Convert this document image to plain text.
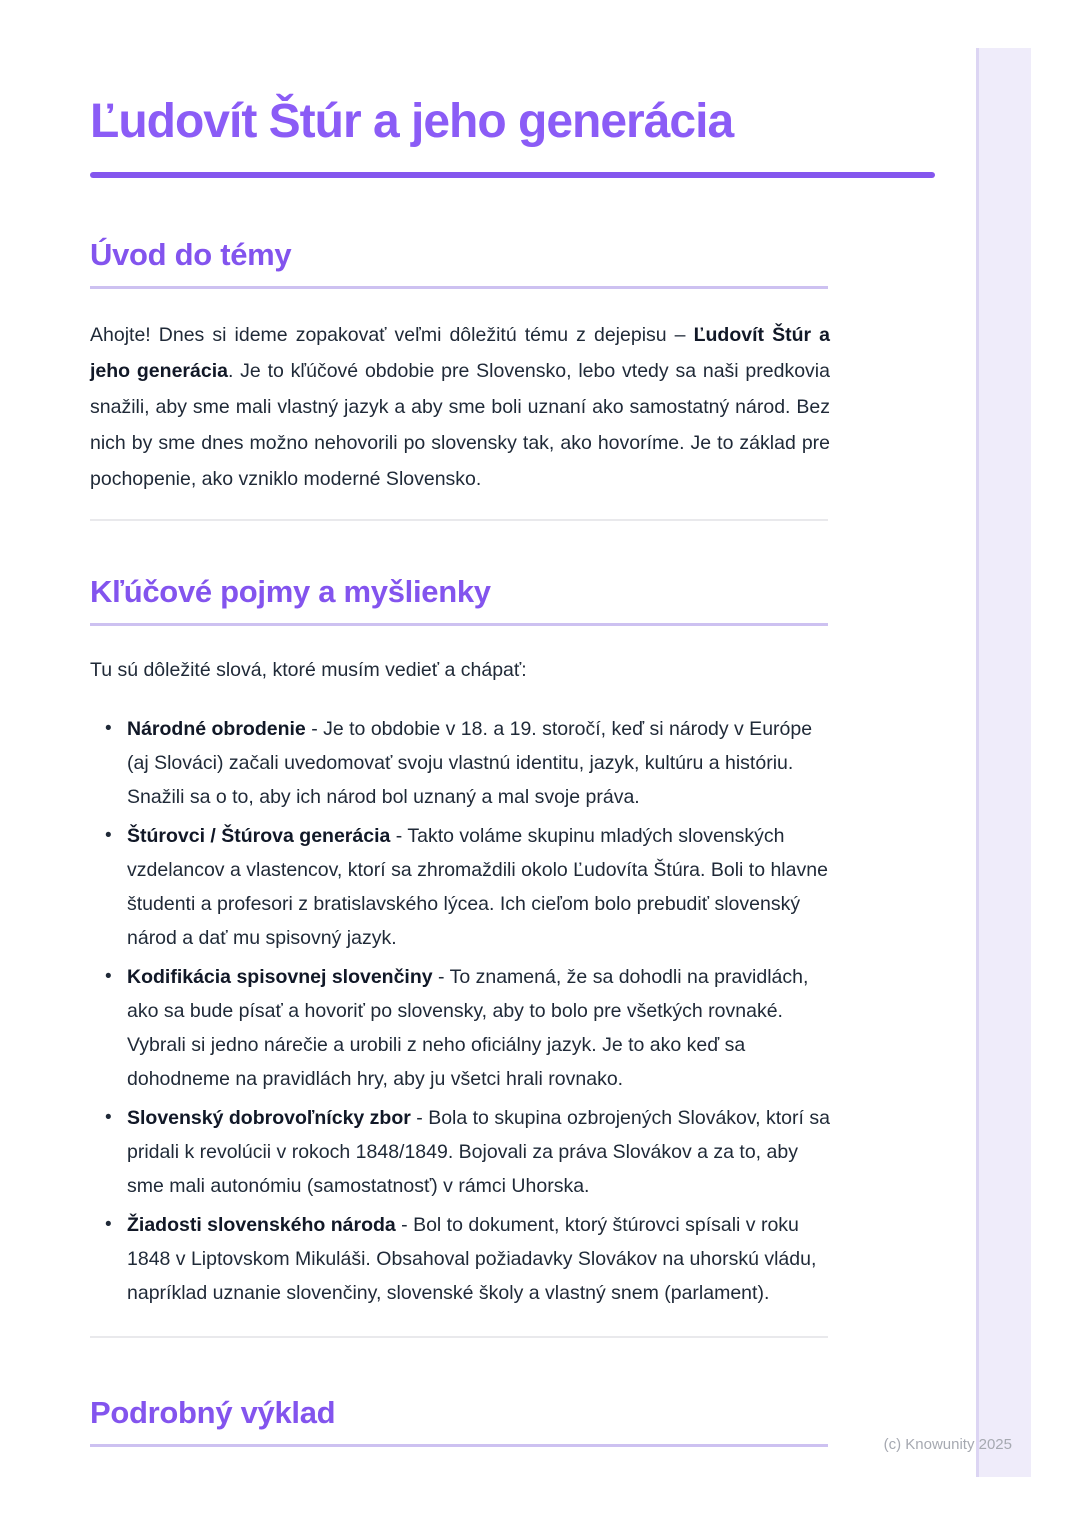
(c) Knowunity 2025
Ľudovít Štúr a jeho generácia
Úvod do témy

Ahojte! Dnes si ideme zopakovať veľmi dôležitú tému z dejepisu – Ľudovít Štúr a jeho generácia. Je to kľúčové obdobie pre Slovensko, lebo vtedy sa naši predkovia snažili, aby sme mali vlastný jazyk a aby sme boli uznaní ako samostatný národ. Bez nich by sme dnes možno nehovorili po slovensky tak, ako hovoríme. Je to základ pre pochopenie, ako vzniklo moderné Slovensko.

Kľúčové pojmy a myšlienky

Tu sú dôležité slová, ktoré musím vedieť a chápať:

• Národné obrodenie - Je to obdobie v 18. a 19. storočí, keď si národy v Európe (aj Slováci) začali uvedomovať svoju vlastnú identitu, jazyk, kultúru a históriu. Snažili sa o to, aby ich národ bol uznaný a mal svoje práva.
• Štúrovci / Štúrova generácia - Takto voláme skupinu mladých slovenských vzdelancov a vlastencov, ktorí sa zhromaždili okolo Ľudovíta Štúra. Boli to hlavne študenti a profesori z bratislavského lýcea. Ich cieľom bolo prebudiť slovenský národ a dať mu spisovný jazyk.
• Kodifikácia spisovnej slovenčiny - To znamená, že sa dohodli na pravidlách, ako sa bude písať a hovoriť po slovensky, aby to bolo pre všetkých rovnaké. Vybrali si jedno nárečie a urobili z neho oficiálny jazyk. Je to ako keď sa dohodneme na pravidlách hry, aby ju všetci hrali rovnako.
• Slovenský dobrovoľnícky zbor - Bola to skupina ozbrojených Slovákov, ktorí sa pridali k revolúcii v rokoch 1848/1849. Bojovali za práva Slovákov a za to, aby sme mali autonómiu (samostatnosť) v rámci Uhorska.
• Žiadosti slovenského národa - Bol to dokument, ktorý štúrovci spísali v roku 1848 v Liptovskom Mikuláši. Obsahoval požiadavky Slovákov na uhorskú vládu, napríklad uznanie slovenčiny, slovenské školy a vlastný snem (parlament).
Podrobný výklad
